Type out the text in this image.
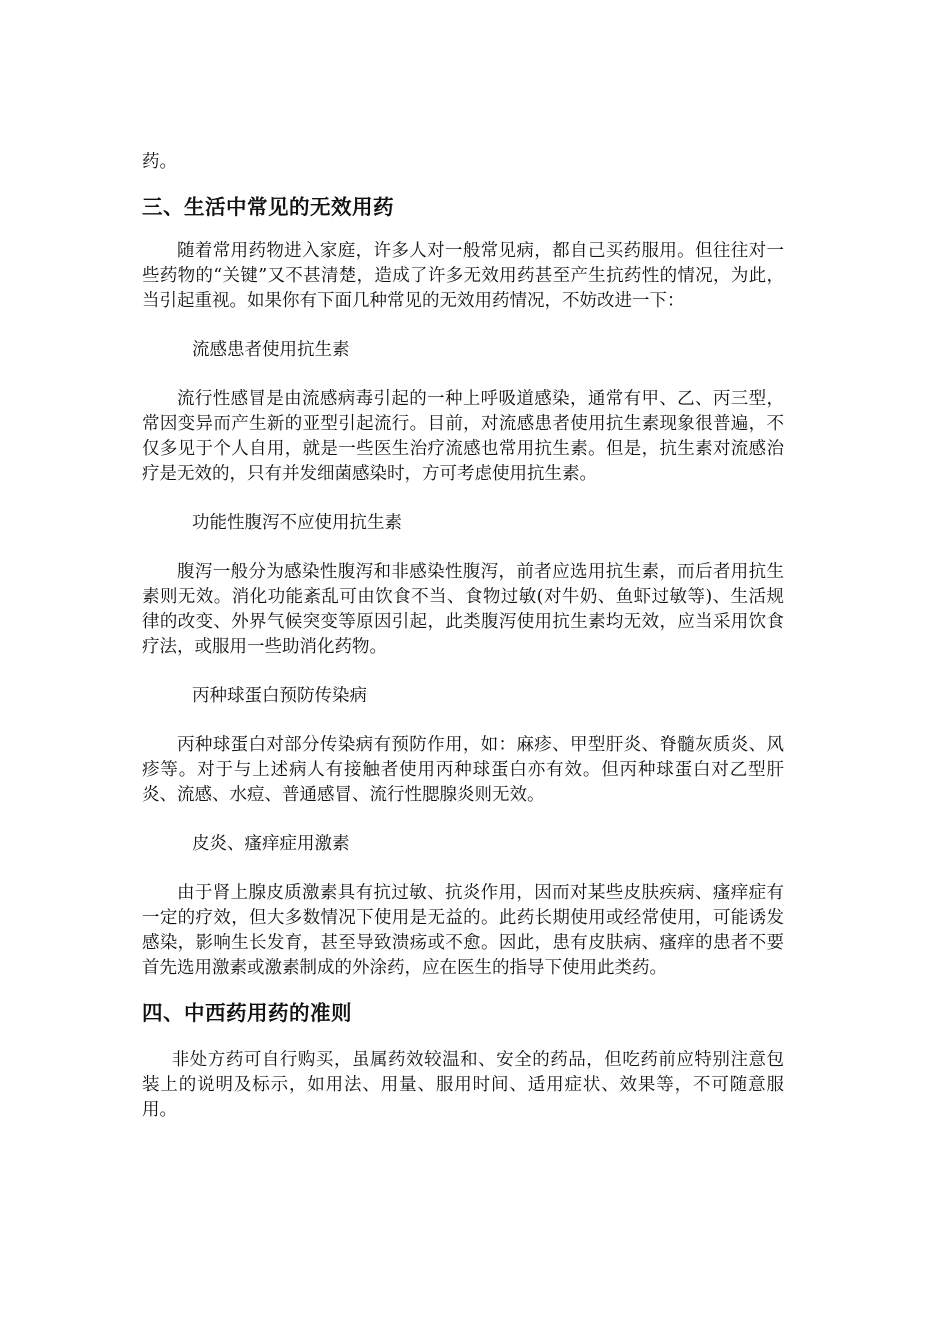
药。

三、生活中常见的无效用药

随着常用药物进入家庭，许多人对一般常见病，都自己买药服用。但往往对一些药物的“关键”又不甚清楚，造成了许多无效用药甚至产生抗药性的情况，为此，当引起重视。如果你有下面几种常见的无效用药情况，不妨改进一下：

流感患者使用抗生素

流行性感冒是由流感病毒引起的一种上呼吸道感染，通常有甲、乙、丙三型，常因变异而产生新的亚型引起流行。目前，对流感患者使用抗生素现象很普遍，不仅多见于个人自用，就是一些医生治疗流感也常用抗生素。但是，抗生素对流感治疗是无效的，只有并发细菌感染时，方可考虑使用抗生素。

功能性腹泻不应使用抗生素

腹泻一般分为感染性腹泻和非感染性腹泻，前者应选用抗生素，而后者用抗生素则无效。消化功能紊乱可由饮食不当、食物过敏(对牛奶、鱼虾过敏等)、生活规律的改变、外界气候突变等原因引起，此类腹泻使用抗生素均无效，应当采用饮食疗法，或服用一些助消化药物。

丙种球蛋白预防传染病

丙种球蛋白对部分传染病有预防作用，如：麻疹、甲型肝炎、脊髓灰质炎、风疹等。对于与上述病人有接触者使用丙种球蛋白亦有效。但丙种球蛋白对乙型肝炎、流感、水痘、普通感冒、流行性腮腺炎则无效。

皮炎、瘙痒症用激素

由于肾上腺皮质激素具有抗过敏、抗炎作用，因而对某些皮肤疾病、瘙痒症有一定的疗效，但大多数情况下使用是无益的。此药长期使用或经常使用，可能诱发感染，影响生长发育，甚至导致溃疡或不愈。因此，患有皮肤病、瘙痒的患者不要首先选用激素或激素制成的外涂药，应在医生的指导下使用此类药。

四、中西药用药的准则

非处方药可自行购买，虽属药效较温和、安全的药品，但吃药前应特别注意包装上的说明及标示，如用法、用量、服用时间、适用症状、效果等，不可随意服用。
